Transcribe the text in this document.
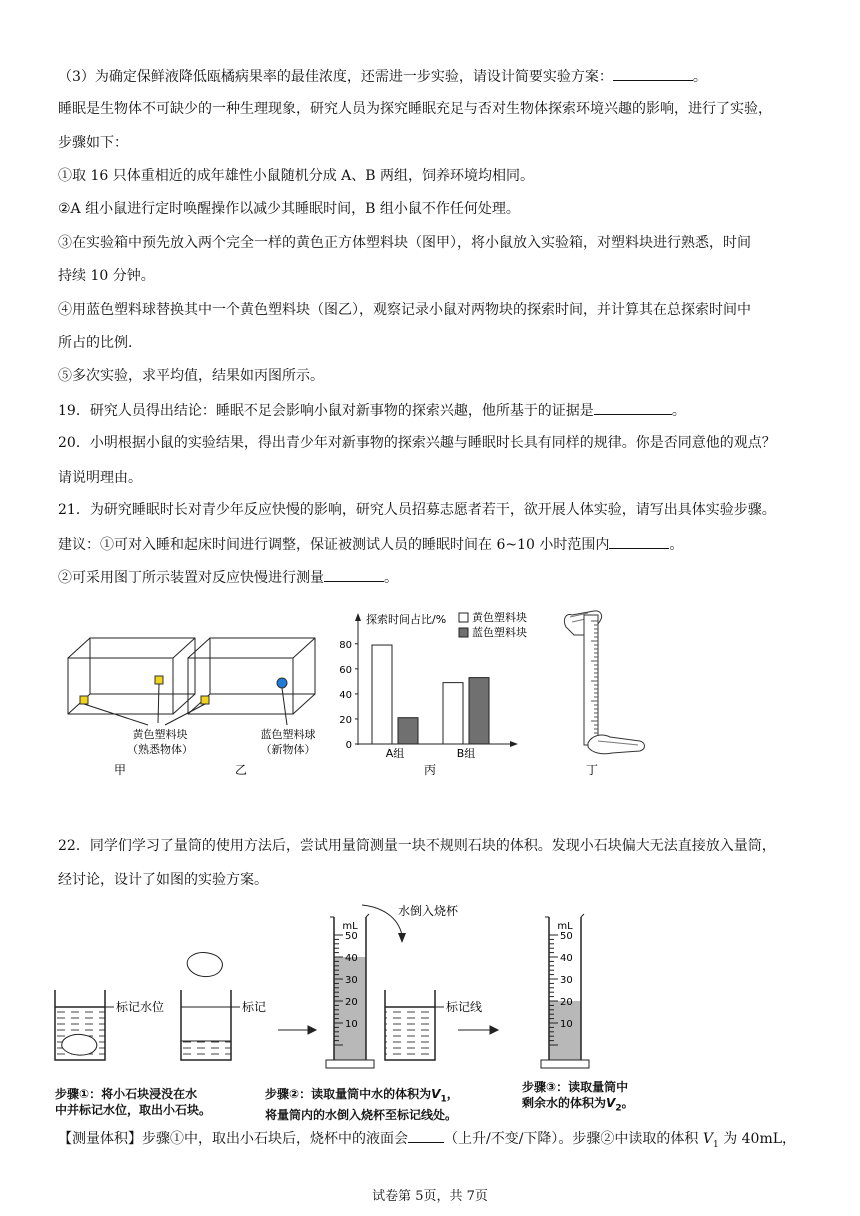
（3）为确定保鲜液降低瓯橘病果率的最佳浓度，还需进一步实验，请设计简要实验方案：	。
睡眠是生物体不可缺少的一种生理现象，研究人员为探究睡眠充足与否对生物体探索环境兴趣的影响，进行了实验，
步骤如下：
①取 16 只体重相近的成年雄性小鼠随机分成 A、B 两组，饲养环境均相同。
②A 组小鼠进行定时唤醒操作以减少其睡眠时间，B 组小鼠不作任何处理。
③在实验箱中预先放入两个完全一样的黄色正方体塑料块（图甲），将小鼠放入实验箱，对塑料块进行熟悉，时间
持续 10 分钟。
④用蓝色塑料球替换其中一个黄色塑料块（图乙），观察记录小鼠对两物块的探索时间，并计算其在总探索时间中
所占的比例.
⑤多次实验，求平均值，结果如丙图所示。
19．研究人员得出结论：睡眠不足会影响小鼠对新事物的探索兴趣，他所基于的证据是	。
20．小明根据小鼠的实验结果，得出青少年对新事物的探索兴趣与睡眠时长具有同样的规律。你是否同意他的观点？
请说明理由。
21．为研究睡眠时长对青少年反应快慢的影响，研究人员招募志愿者若干，欲开展人体实验，请写出具体实验步骤。
建议：①可对入睡和起床时间进行调整，保证被测试人员的睡眠时间在 6~10 小时范围内	。
②可采用图丁所示装置对反应快慢进行测量	。
黄色塑料块
（熟悉物体）
蓝色塑料球
（新物体）
甲	乙
探索时间占比/%
0
20
40
60
80
A组	B组
黄色塑料块
蓝色塑料块
丙	丁
22．同学们学习了量筒的使用方法后，尝试用量筒测量一块不规则石块的体积。发现小石块偏大无法直接放入量筒，
经讨论，设计了如图的实验方案。
标记水位	标记
mL
50
40
30
20
10
水倒入烧杯
标记线
mL
50
40
30
20
10
步骤①：将小石块浸没在水
中并标记水位，取出小石块。
步骤②：读取量筒中水的体积为$V_1$，
将量筒内的水倒入烧杯至标记线处。
步骤③：读取量筒中
剩余水的体积为$V_2$。
【测量体积】步骤①中，取出小石块后，烧杯中的液面会	（上升/不变/下降）。步骤②中读取的体积 $V_1$ 为 40mL，
试卷第 5页，共 7页
